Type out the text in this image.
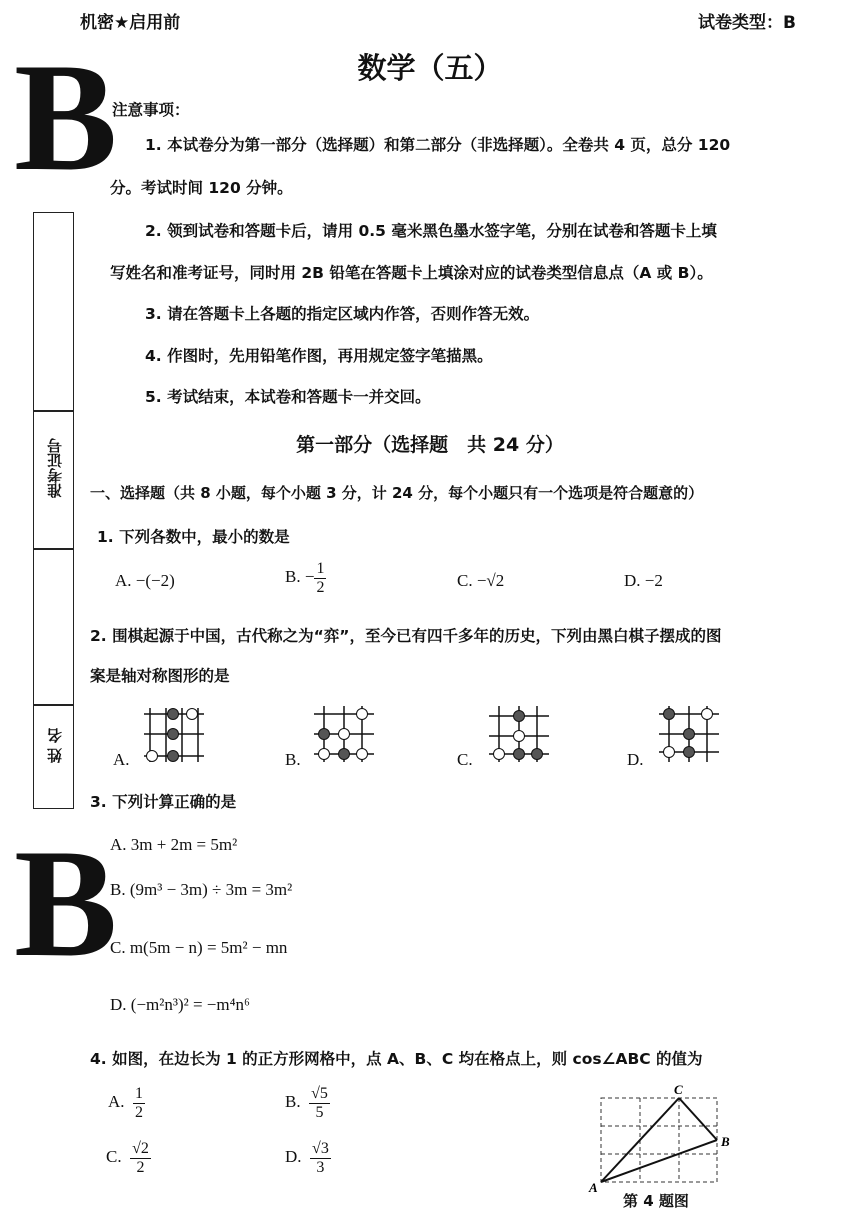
机密★启用前	试卷类型：B
B
B
准考证号
姓 名
数学（五）
注意事项：
1. 本试卷分为第一部分（选择题）和第二部分（非选择题）。全卷共 4 页，总分 120
分。考试时间 120 分钟。
2. 领到试卷和答题卡后，请用 0.5 毫米黑色墨水签字笔，分别在试卷和答题卡上填
写姓名和准考证号，同时用 2B 铅笔在答题卡上填涂对应的试卷类型信息点（A 或 B）。
3. 请在答题卡上各题的指定区域内作答，否则作答无效。
4. 作图时，先用铅笔作图，再用规定签字笔描黑。
5. 考试结束，本试卷和答题卡一并交回。
第一部分（选择题　共 24 分）
一、选择题（共 8 小题，每个小题 3 分，计 24 分，每个小题只有一个选项是符合题意的）
1. 下列各数中，最小的数是
A. −(−2)	B. − $\frac{1}{2}$	C. −√2	D. −2
2. 围棋起源于中国，古代称之为“弈”，至今已有四千多年的历史，下列由黑白棋子摆成的图
案是轴对称图形的是
A.	B.	C.	D.
3. 下列计算正确的是
A. 3m + 2m = 5m²
B. (9m³ − 3m) ÷ 3m = 3m²
C. m(5m − n) = 5m² − mn
D. (−m²n³)² = −m⁴n⁶
4. 如图，在边长为 1 的正方形网格中，点 A、B、C 均在格点上，则 cos∠ABC 的值为
A. $\frac{1}{2}$	B. $\frac{√5}{5}$
C. $\frac{√2}{2}$	D. $\frac{√3}{3}$
A
B
C
第 4 题图
